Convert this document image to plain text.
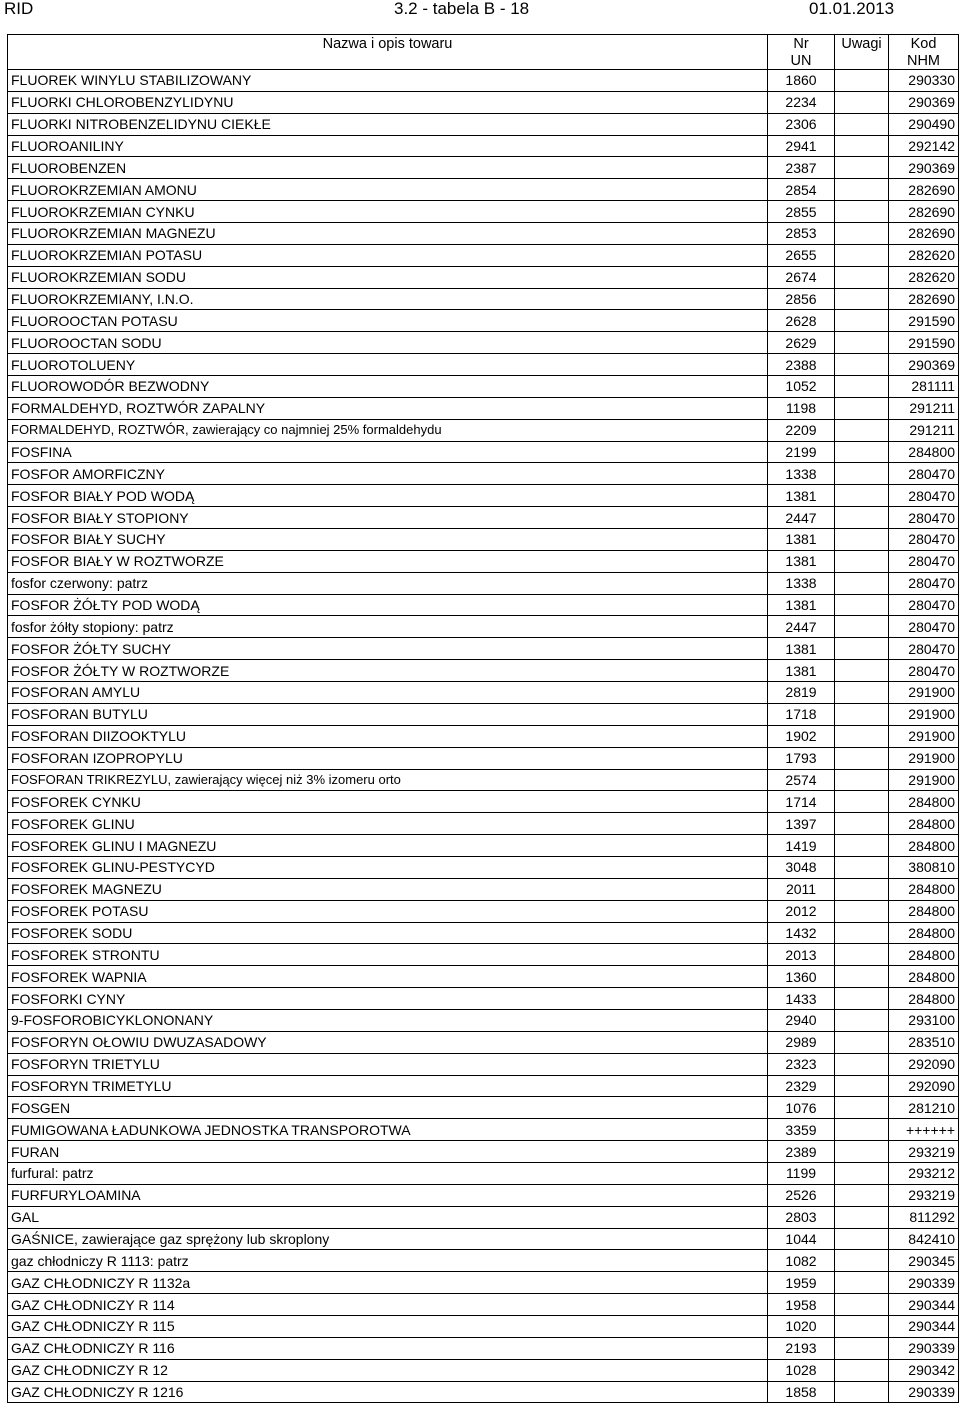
RID	3.2 - tabela B - 18	01.01.2013
Nazwa i opis towaru	Nr	Uwagi	Kod
	UN		NHM
FLUOREK WINYLU STABILIZOWANY	1860		290330
FLUORKI CHLOROBENZYLIDYNU	2234		290369
FLUORKI NITROBENZELIDYNU CIEKŁE	2306		290490
FLUOROANILINY	2941		292142
FLUOROBENZEN	2387		290369
FLUOROKRZEMIAN AMONU	2854		282690
FLUOROKRZEMIAN CYNKU	2855		282690
FLUOROKRZEMIAN MAGNEZU	2853		282690
FLUOROKRZEMIAN POTASU	2655		282620
FLUOROKRZEMIAN SODU	2674		282620
FLUOROKRZEMIANY, I.N.O.	2856		282690
FLUOROOCTAN POTASU	2628		291590
FLUOROOCTAN SODU	2629		291590
FLUOROTOLUENY	2388		290369
FLUOROWODÓR BEZWODNY	1052		281111
FORMALDEHYD, ROZTWÓR ZAPALNY	1198		291211
FORMALDEHYD, ROZTWÓR, zawierający co najmniej 25% formaldehydu	2209		291211
FOSFINA	2199		284800
FOSFOR AMORFICZNY	1338		280470
FOSFOR BIAŁY POD WODĄ	1381		280470
FOSFOR BIAŁY STOPIONY	2447		280470
FOSFOR BIAŁY SUCHY	1381		280470
FOSFOR BIAŁY W ROZTWORZE	1381		280470
fosfor czerwony: patrz	1338		280470
FOSFOR ŻÓŁTY POD WODĄ	1381		280470
fosfor żółty stopiony: patrz	2447		280470
FOSFOR ŻÓŁTY SUCHY	1381		280470
FOSFOR ŻÓŁTY W ROZTWORZE	1381		280470
FOSFORAN AMYLU	2819		291900
FOSFORAN BUTYLU	1718		291900
FOSFORAN DIIZOOKTYLU	1902		291900
FOSFORAN IZOPROPYLU	1793		291900
FOSFORAN TRIKREZYLU, zawierający więcej niż 3% izomeru orto	2574		291900
FOSFOREK CYNKU	1714		284800
FOSFOREK GLINU	1397		284800
FOSFOREK GLINU I MAGNEZU	1419		284800
FOSFOREK GLINU-PESTYCYD	3048		380810
FOSFOREK MAGNEZU	2011		284800
FOSFOREK POTASU	2012		284800
FOSFOREK SODU	1432		284800
FOSFOREK STRONTU	2013		284800
FOSFOREK WAPNIA	1360		284800
FOSFORKI CYNY	1433		284800
9-FOSFOROBICYKLONONANY	2940		293100
FOSFORYN OŁOWIU DWUZASADOWY	2989		283510
FOSFORYN TRIETYLU	2323		292090
FOSFORYN TRIMETYLU	2329		292090
FOSGEN	1076		281210
FUMIGOWANA ŁADUNKOWA JEDNOSTKA TRANSPOROTWA	3359		++++++
FURAN	2389		293219
furfural: patrz	1199		293212
FURFURYLOAMINA	2526		293219
GAL	2803		811292
GAŚNICE, zawierające gaz sprężony lub skroplony	1044		842410
gaz chłodniczy R 1113: patrz	1082		290345
GAZ CHŁODNICZY R 1132a	1959		290339
GAZ CHŁODNICZY R 114	1958		290344
GAZ CHŁODNICZY R 115	1020		290344
GAZ CHŁODNICZY R 116	2193		290339
GAZ CHŁODNICZY R 12	1028		290342
GAZ CHŁODNICZY R 1216	1858		290339
